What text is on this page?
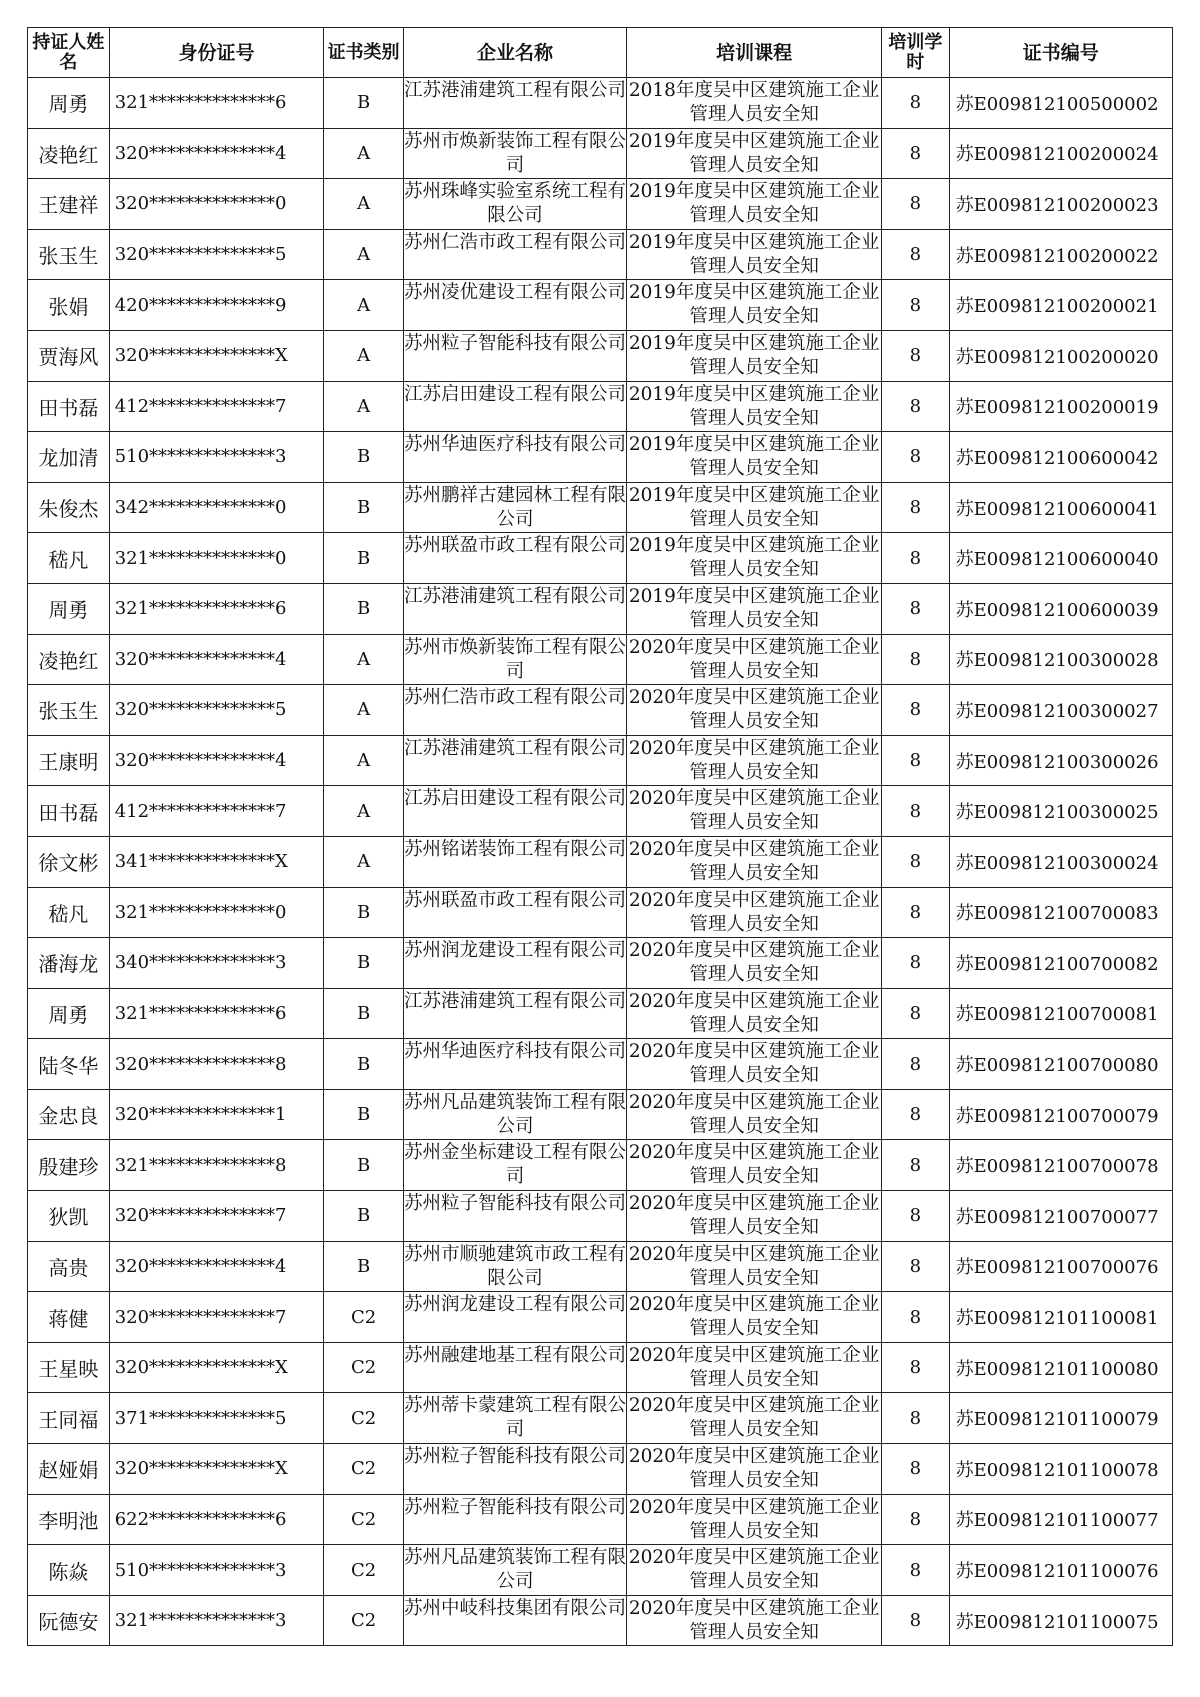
持证人姓名	身份证号	证书类别	企业名称	培训课程	培训学时	证书编号
周勇	321**************6	B	江苏港浦建筑工程有限公司	2018年度吴中区建筑施工企业管理人员安全知	8	苏E009812100500002
凌艳红	320**************4	A	苏州市焕新装饰工程有限公司	2019年度吴中区建筑施工企业管理人员安全知	8	苏E009812100200024
王建祥	320**************0	A	苏州珠峰实验室系统工程有限公司	2019年度吴中区建筑施工企业管理人员安全知	8	苏E009812100200023
张玉生	320**************5	A	苏州仁浩市政工程有限公司	2019年度吴中区建筑施工企业管理人员安全知	8	苏E009812100200022
张娟	420**************9	A	苏州凌优建设工程有限公司	2019年度吴中区建筑施工企业管理人员安全知	8	苏E009812100200021
贾海风	320**************X	A	苏州粒子智能科技有限公司	2019年度吴中区建筑施工企业管理人员安全知	8	苏E009812100200020
田书磊	412**************7	A	江苏启田建设工程有限公司	2019年度吴中区建筑施工企业管理人员安全知	8	苏E009812100200019
龙加清	510**************3	B	苏州华迪医疗科技有限公司	2019年度吴中区建筑施工企业管理人员安全知	8	苏E009812100600042
朱俊杰	342**************0	B	苏州鹏祥古建园林工程有限公司	2019年度吴中区建筑施工企业管理人员安全知	8	苏E009812100600041
嵇凡	321**************0	B	苏州联盈市政工程有限公司	2019年度吴中区建筑施工企业管理人员安全知	8	苏E009812100600040
周勇	321**************6	B	江苏港浦建筑工程有限公司	2019年度吴中区建筑施工企业管理人员安全知	8	苏E009812100600039
凌艳红	320**************4	A	苏州市焕新装饰工程有限公司	2020年度吴中区建筑施工企业管理人员安全知	8	苏E009812100300028
张玉生	320**************5	A	苏州仁浩市政工程有限公司	2020年度吴中区建筑施工企业管理人员安全知	8	苏E009812100300027
王康明	320**************4	A	江苏港浦建筑工程有限公司	2020年度吴中区建筑施工企业管理人员安全知	8	苏E009812100300026
田书磊	412**************7	A	江苏启田建设工程有限公司	2020年度吴中区建筑施工企业管理人员安全知	8	苏E009812100300025
徐文彬	341**************X	A	苏州铭诺装饰工程有限公司	2020年度吴中区建筑施工企业管理人员安全知	8	苏E009812100300024
嵇凡	321**************0	B	苏州联盈市政工程有限公司	2020年度吴中区建筑施工企业管理人员安全知	8	苏E009812100700083
潘海龙	340**************3	B	苏州润龙建设工程有限公司	2020年度吴中区建筑施工企业管理人员安全知	8	苏E009812100700082
周勇	321**************6	B	江苏港浦建筑工程有限公司	2020年度吴中区建筑施工企业管理人员安全知	8	苏E009812100700081
陆冬华	320**************8	B	苏州华迪医疗科技有限公司	2020年度吴中区建筑施工企业管理人员安全知	8	苏E009812100700080
金忠良	320**************1	B	苏州凡品建筑装饰工程有限公司	2020年度吴中区建筑施工企业管理人员安全知	8	苏E009812100700079
殷建珍	321**************8	B	苏州金坐标建设工程有限公司	2020年度吴中区建筑施工企业管理人员安全知	8	苏E009812100700078
狄凯	320**************7	B	苏州粒子智能科技有限公司	2020年度吴中区建筑施工企业管理人员安全知	8	苏E009812100700077
高贵	320**************4	B	苏州市顺驰建筑市政工程有限公司	2020年度吴中区建筑施工企业管理人员安全知	8	苏E009812100700076
蒋健	320**************7	C2	苏州润龙建设工程有限公司	2020年度吴中区建筑施工企业管理人员安全知	8	苏E009812101100081
王星映	320**************X	C2	苏州融建地基工程有限公司	2020年度吴中区建筑施工企业管理人员安全知	8	苏E009812101100080
王同福	371**************5	C2	苏州蒂卡蒙建筑工程有限公司	2020年度吴中区建筑施工企业管理人员安全知	8	苏E009812101100079
赵娅娟	320**************X	C2	苏州粒子智能科技有限公司	2020年度吴中区建筑施工企业管理人员安全知	8	苏E009812101100078
李明池	622**************6	C2	苏州粒子智能科技有限公司	2020年度吴中区建筑施工企业管理人员安全知	8	苏E009812101100077
陈焱	510**************3	C2	苏州凡品建筑装饰工程有限公司	2020年度吴中区建筑施工企业管理人员安全知	8	苏E009812101100076
阮德安	321**************3	C2	苏州中岐科技集团有限公司	2020年度吴中区建筑施工企业管理人员安全知	8	苏E009812101100075
